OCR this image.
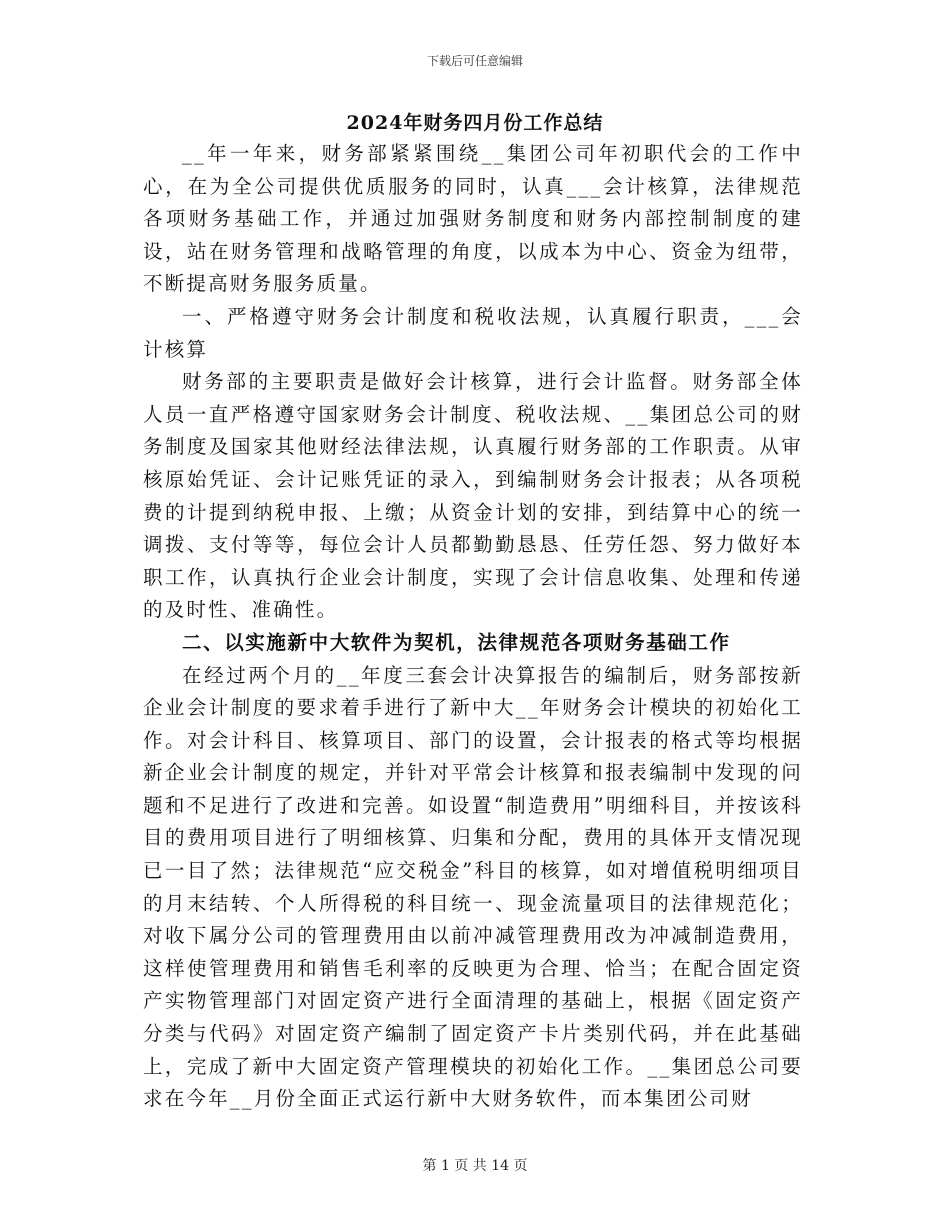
下载后可任意编辑
2024年财务四月份工作总结

__年一年来，财务部紧紧围绕__集团公司年初职代会的工作中心，在为全公司提供优质服务的同时，认真___会计核算，法律规范各项财务基础工作，并通过加强财务制度和财务内部控制制度的建设，站在财务管理和战略管理的角度，以成本为中心、资金为纽带，不断提高财务服务质量。

一、严格遵守财务会计制度和税收法规，认真履行职责，___会计核算

财务部的主要职责是做好会计核算，进行会计监督。财务部全体人员一直严格遵守国家财务会计制度、税收法规、__集团总公司的财务制度及国家其他财经法律法规，认真履行财务部的工作职责。从审核原始凭证、会计记账凭证的录入，到编制财务会计报表；从各项税费的计提到纳税申报、上缴；从资金计划的安排，到结算中心的统一调拨、支付等等，每位会计人员都勤勤恳恳、任劳任怨、努力做好本职工作，认真执行企业会计制度，实现了会计信息收集、处理和传递的及时性、准确性。

二、以实施新中大软件为契机，法律规范各项财务基础工作

在经过两个月的__年度三套会计决算报告的编制后，财务部按新企业会计制度的要求着手进行了新中大__年财务会计模块的初始化工作。对会计科目、核算项目、部门的设置，会计报表的格式等均根据新企业会计制度的规定，并针对平常会计核算和报表编制中发现的问题和不足进行了改进和完善。如设置“制造费用”明细科目，并按该科目的费用项目进行了明细核算、归集和分配，费用的具体开支情况现已一目了然；法律规范“应交税金”科目的核算，如对增值税明细项目的月末结转、个人所得税的科目统一、现金流量项目的法律规范化；对收下属分公司的管理费用由以前冲减管理费用改为冲减制造费用，这样使管理费用和销售毛利率的反映更为合理、恰当；在配合固定资产实物管理部门对固定资产进行全面清理的基础上，根据《固定资产分类与代码》对固定资产编制了固定资产卡片类别代码，并在此基础上，完成了新中大固定资产管理模块的初始化工作。__集团总公司要求在今年__月份全面正式运行新中大财务软件，而本集团公司财

第 1 页 共 14 页
